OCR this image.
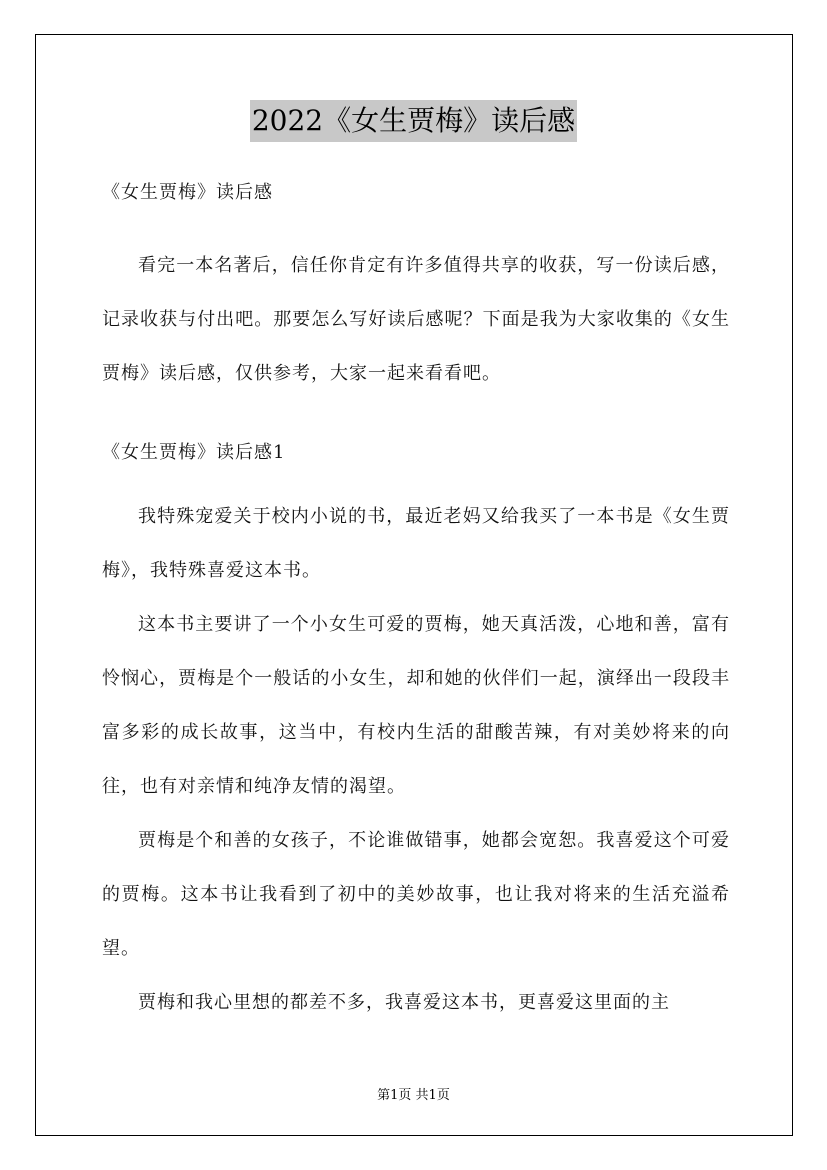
2022《女生贾梅》读后感

《女生贾梅》读后感

看完一本名著后，信任你肯定有许多值得共享的收获，写一份读后感，记录收获与付出吧。那要怎么写好读后感呢？下面是我为大家收集的《女生贾梅》读后感，仅供参考，大家一起来看看吧。

《女生贾梅》读后感1

我特殊宠爱关于校内小说的书，最近老妈又给我买了一本书是《女生贾梅》，我特殊喜爱这本书。

这本书主要讲了一个小女生可爱的贾梅，她天真活泼，心地和善，富有怜悯心，贾梅是个一般话的小女生，却和她的伙伴们一起，演绎出一段段丰富多彩的成长故事，这当中，有校内生活的甜酸苦辣，有对美妙将来的向往，也有对亲情和纯净友情的渴望。

贾梅是个和善的女孩子，不论谁做错事，她都会宽恕。我喜爱这个可爱的贾梅。这本书让我看到了初中的美妙故事，也让我对将来的生活充溢希望。

贾梅和我心里想的都差不多，我喜爱这本书，更喜爱这里面的主

第1页 共1页
